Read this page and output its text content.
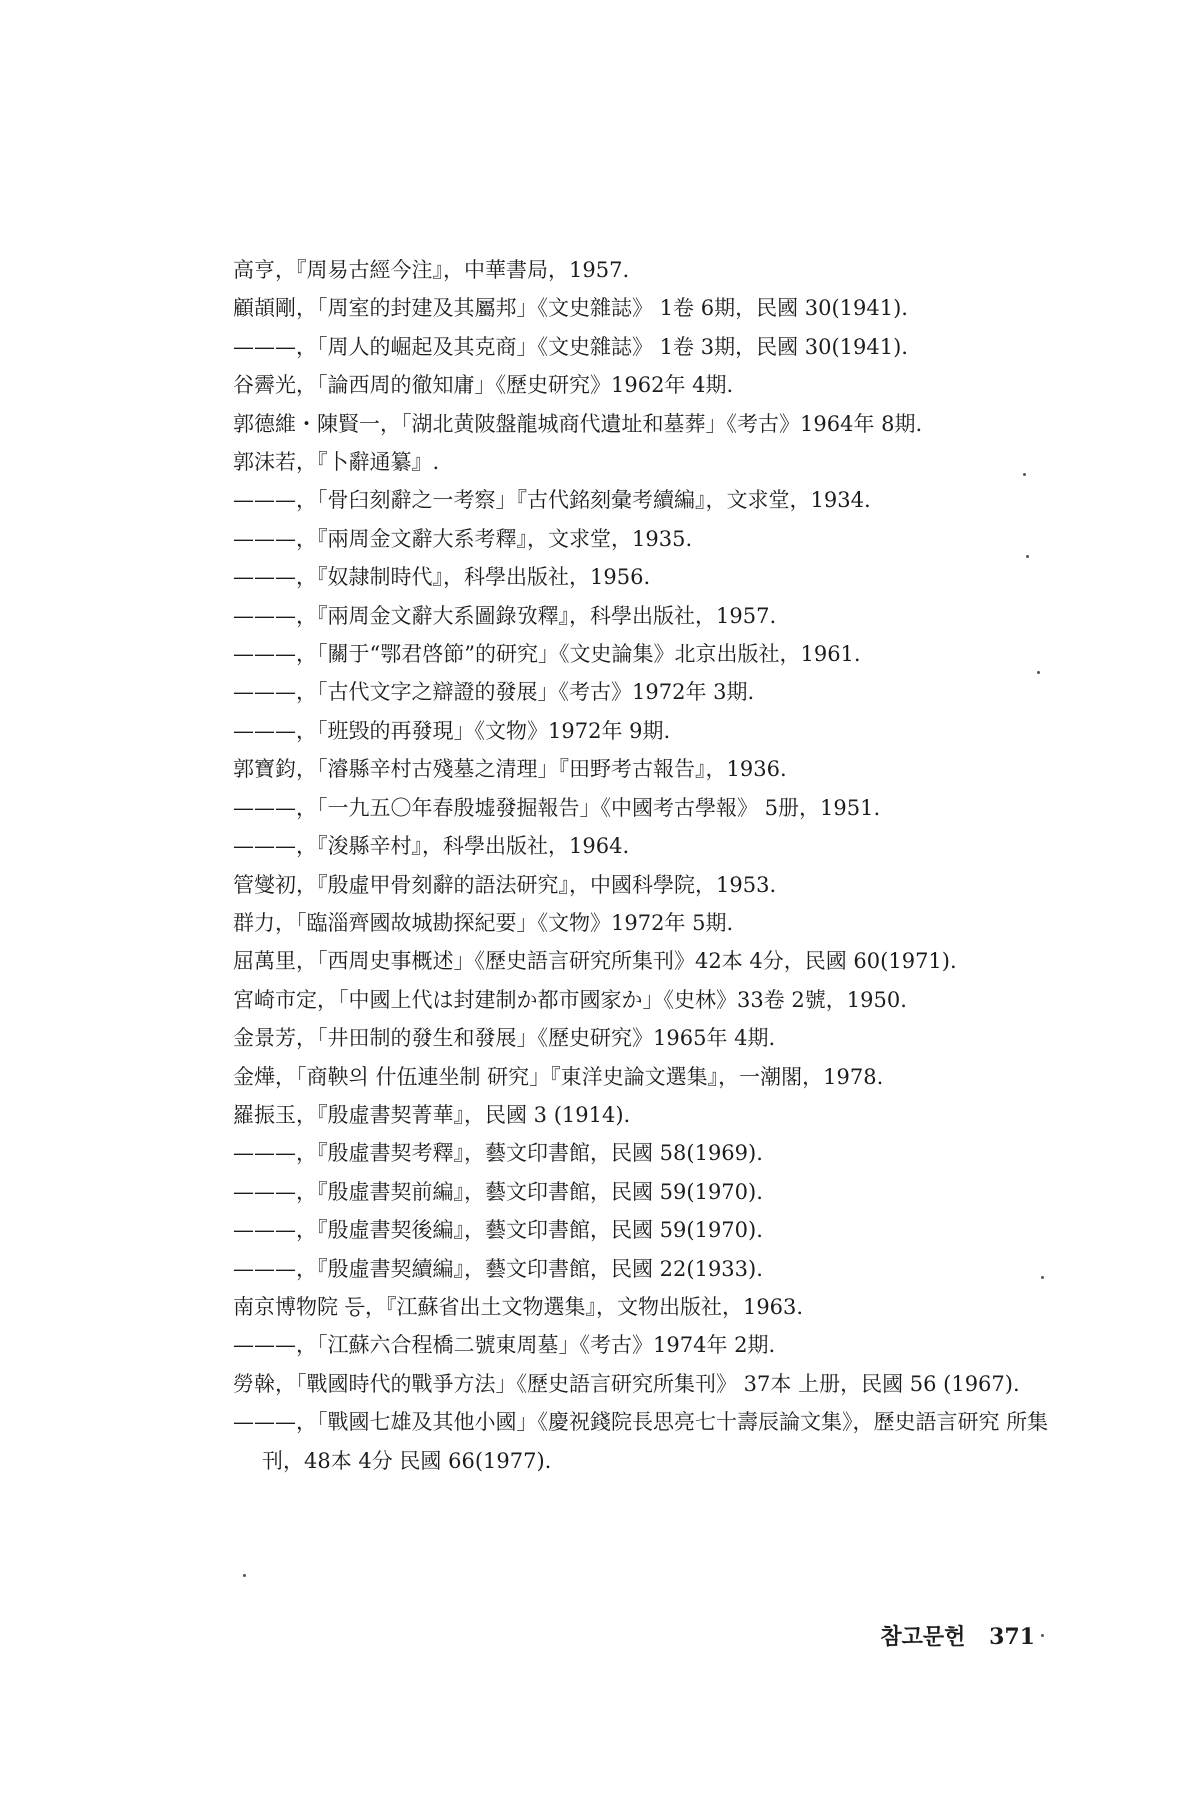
高亨，『周易古經今注』，中華書局，1957.
顧頡剛，「周室的封建及其屬邦」《文史雜誌》 1卷 6期，民國 30(1941).
———，「周人的崛起及其克商」《文史雜誌》 1卷 3期，民國 30(1941).
谷霽光，「論西周的徹知庸」《歷史研究》1962年 4期.
郭德維・陳賢一，「湖北黄陂盤龍城商代遺址和墓葬」《考古》1964年 8期.
郭沫若，『卜辭通纂』.
———，「骨臼刻辭之一考察」『古代銘刻彙考續編』，文求堂，1934.
———，『兩周金文辭大系考釋』，文求堂，1935.
———，『奴隷制時代』，科學出版社，1956.
———，『兩周金文辭大系圖錄攷釋』，科學出版社，1957.
———，「關于“鄂君啓節”的研究」《文史論集》北京出版社，1961.
———，「古代文字之辯證的發展」《考古》1972年 3期.
———，「班毁的再發現」《文物》1972年 9期.
郭寶鈞，「濬縣辛村古殘墓之清理」『田野考古報告』，1936.
———，「一九五〇年春殷墟發掘報告」《中國考古學報》 5册，1951.
———，『浚縣辛村』，科學出版社，1964.
管燮初，『殷虛甲骨刻辭的語法研究』，中國科學院，1953.
群力，「臨淄齊國故城勘探紀要」《文物》1972年 5期.
屈萬里，「西周史事概述」《歷史語言研究所集刊》42本 4分，民國 60(1971).
宮崎市定，「中國上代は封建制か都市國家か」《史林》33卷 2號，1950.
金景芳，「井田制的發生和發展」《歷史研究》1965年 4期.
金燁，「商鞅의 什伍連坐制 研究」『東洋史論文選集』，一潮閣，1978.
羅振玉，『殷虛書契菁華』，民國 3 (1914).
———，『殷虛書契考釋』，藝文印書館，民國 58(1969).
———，『殷虛書契前編』，藝文印書館，民國 59(1970).
———，『殷虛書契後編』，藝文印書館，民國 59(1970).
———，『殷虛書契續編』，藝文印書館，民國 22(1933).
南京博物院 등，『江蘇省出土文物選集』，文物出版社，1963.
———，「江蘇六合程橋二號東周墓」《考古》1974年 2期.
勞榦，「戰國時代的戰爭方法」《歷史語言研究所集刊》 37本 上册，民國 56 (1967).
———，「戰國七雄及其他小國」《慶祝錢院長思亮七十壽辰論文集》，歷史語言研究 所集刊，48本 4分 民國 66(1977).
참고문헌 371
